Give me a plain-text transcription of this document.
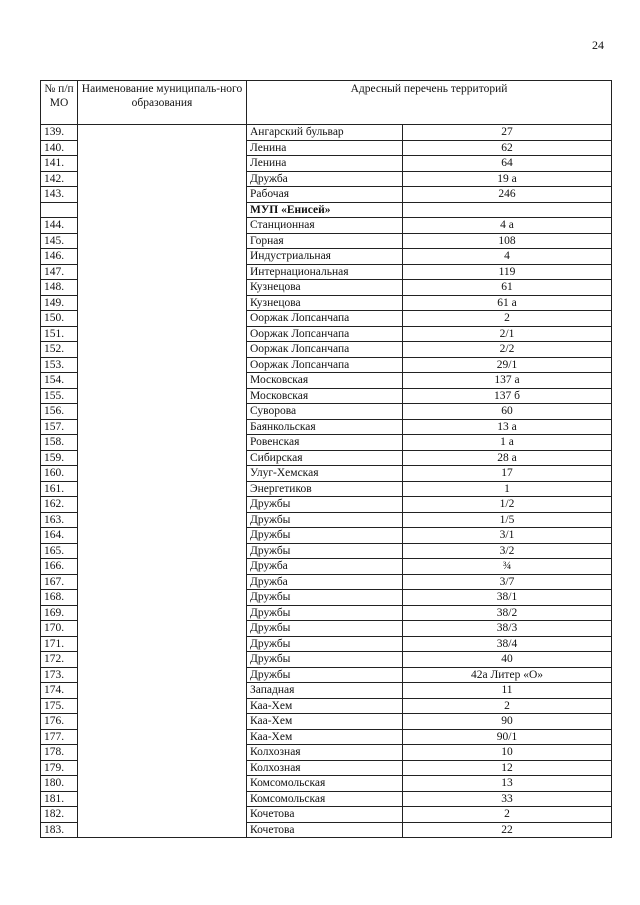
24
№ п/п МО	Наименование муниципаль-ного образования	Адресный перечень территорий	
139.		Ангарский бульвар	27
140.		Ленина	62
141.		Ленина	64
142.		Дружба	19 а
143.		Рабочая	246
		МУП «Енисей»	
144.		Станционная	4 а
145.		Горная	108
146.		Индустриальная	4
147.		Интернациональная	119
148.		Кузнецова	61
149.		Кузнецова	61 а
150.		Ооржак Лопсанчапа	2
151.		Ооржак Лопсанчапа	2/1
152.		Ооржак Лопсанчапа	2/2
153.		Ооржак Лопсанчапа	29/1
154.		Московская	137 а
155.		Московская	137 б
156.		Суворова	60
157.		Баянкольская	13 а
158.		Ровенская	1 а
159.		Сибирская	28 а
160.		Улуг-Хемская	17
161.		Энергетиков	1
162.		Дружбы	1/2
163.		Дружбы	1/5
164.		Дружбы	3/1
165.		Дружбы	3/2
166.		Дружба	¾
167.		Дружба	3/7
168.		Дружбы	38/1
169.		Дружбы	38/2
170.		Дружбы	38/3
171.		Дружбы	38/4
172.		Дружбы	40
173.		Дружбы	42а Литер «О»
174.		Западная	11
175.		Каа-Хем	2
176.		Каа-Хем	90
177.		Каа-Хем	90/1
178.		Колхозная	10
179.		Колхозная	12
180.		Комсомольская	13
181.		Комсомольская	33
182.		Кочетова	2
183.		Кочетова	22
